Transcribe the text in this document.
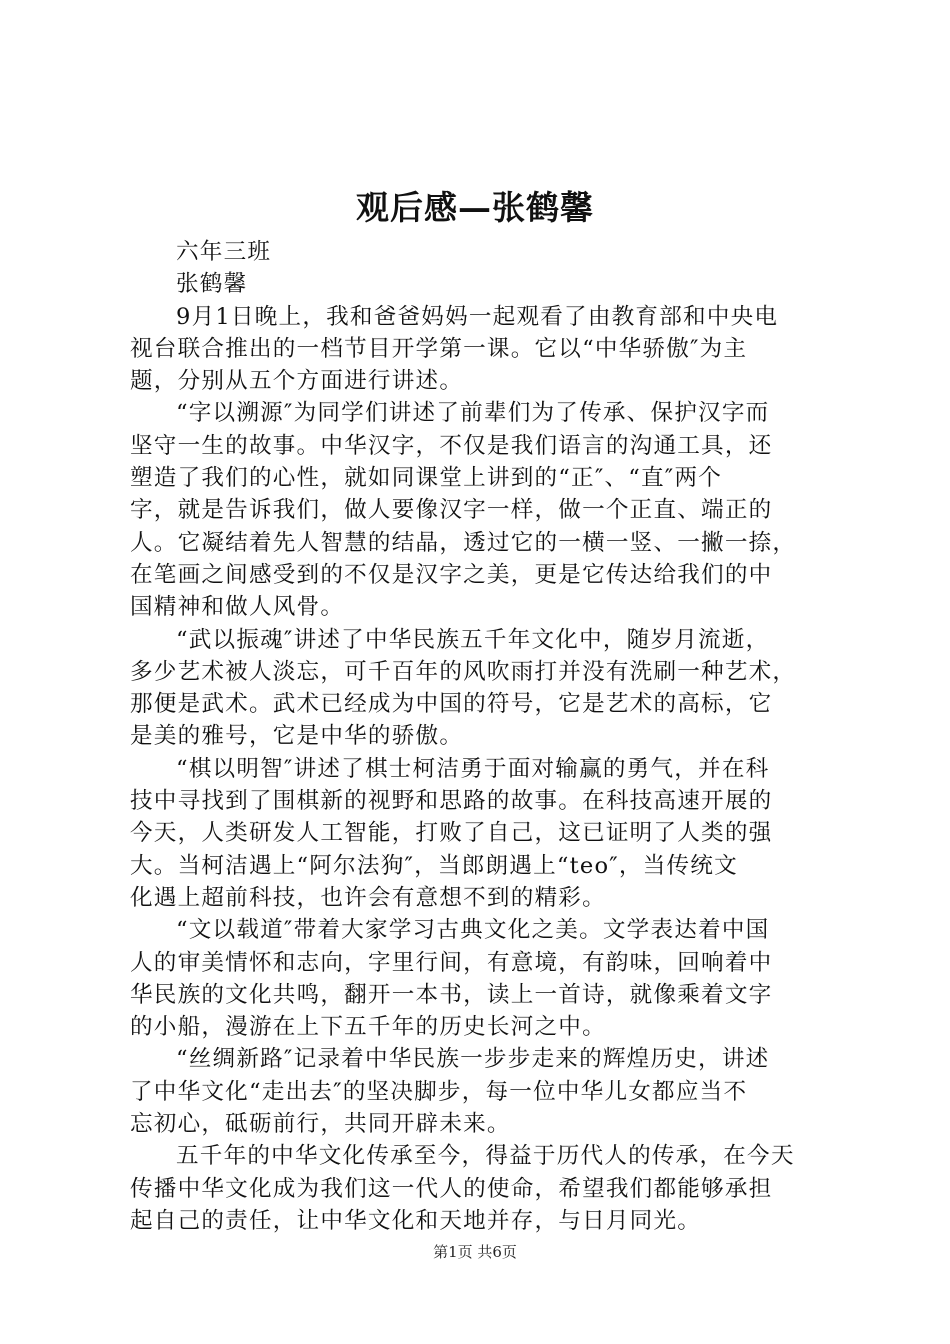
观后感—张鹤馨

六年三班

张鹤馨

9月1日晚上，我和爸爸妈妈一起观看了由教育部和中央电

视台联合推出的一档节目开学第一课。它以“中华骄傲″为主

题，分别从五个方面进行讲述。

“字以溯源″为同学们讲述了前辈们为了传承、保护汉字而

坚守一生的故事。中华汉字，不仅是我们语言的沟通工具，还

塑造了我们的心性，就如同课堂上讲到的“正″、“直″两个

字，就是告诉我们，做人要像汉字一样，做一个正直、端正的

人。它凝结着先人智慧的结晶，透过它的一横一竖、一撇一捺，

在笔画之间感受到的不仅是汉字之美，更是它传达给我们的中

国精神和做人风骨。

“武以振魂″讲述了中华民族五千年文化中，随岁月流逝，

多少艺术被人淡忘，可千百年的风吹雨打并没有洗刷一种艺术，

那便是武术。武术已经成为中国的符号，它是艺术的高标，它

是美的雅号，它是中华的骄傲。

“棋以明智″讲述了棋士柯洁勇于面对输赢的勇气，并在科

技中寻找到了围棋新的视野和思路的故事。在科技高速开展的

今天，人类研发人工智能，打败了自己，这已证明了人类的强

大。当柯洁遇上“阿尔法狗″，当郎朗遇上“teo″，当传统文

化遇上超前科技，也许会有意想不到的精彩。

“文以载道″带着大家学习古典文化之美。文学表达着中国

人的审美情怀和志向，字里行间，有意境，有韵味，回响着中

华民族的文化共鸣，翻开一本书，读上一首诗，就像乘着文字

的小船，漫游在上下五千年的历史长河之中。

“丝绸新路″记录着中华民族一步步走来的辉煌历史，讲述

了中华文化“走出去″的坚决脚步，每一位中华儿女都应当不

忘初心，砥砺前行，共同开辟未来。

五千年的中华文化传承至今，得益于历代人的传承，在今天

传播中华文化成为我们这一代人的使命，希望我们都能够承担

起自己的责任，让中华文化和天地并存，与日月同光。

第1页 共6页
